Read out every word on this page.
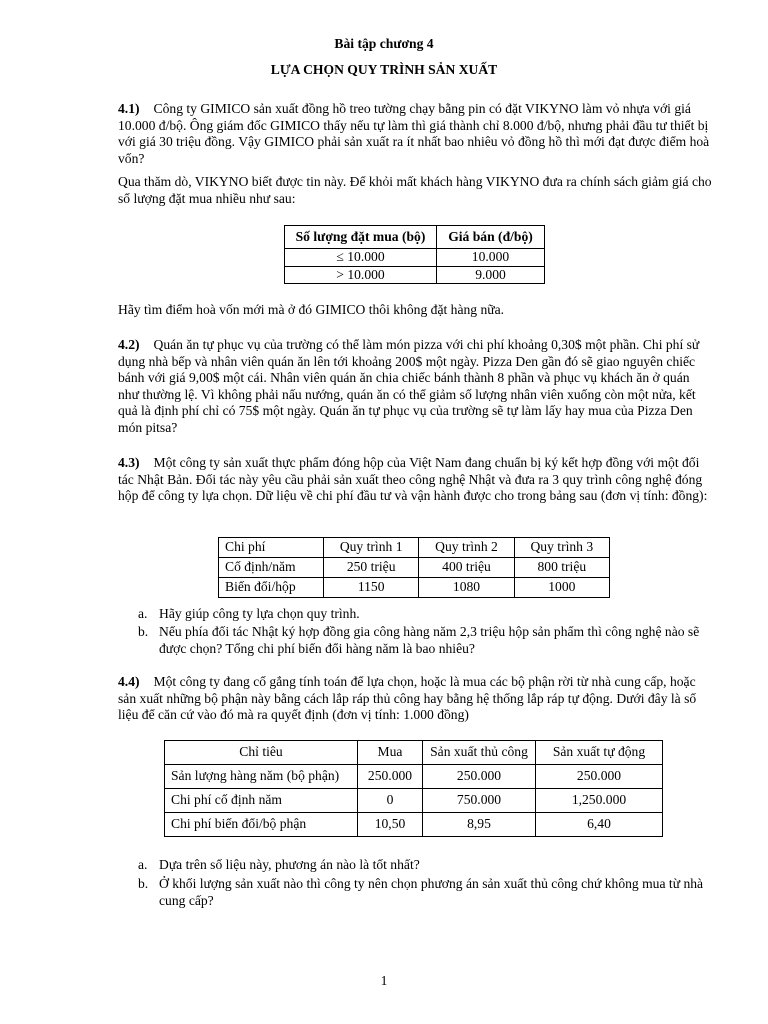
Bài tập chương 4
LỰA CHỌN QUY TRÌNH SẢN XUẤT

4.1) Công ty GIMICO sản xuất đồng hồ treo tường chạy bằng pin có đặt VIKYNO làm vỏ nhựa với giá 10.000 đ/bộ. Ông giám đốc GIMICO thấy nếu tự làm thì giá thành chỉ 8.000 đ/bộ, nhưng phải đầu tư thiết bị với giá 30 triệu đồng. Vậy GIMICO phải sản xuất ra ít nhất bao nhiêu vỏ đồng hồ thì mới đạt được điểm hoà vốn?

Qua thăm dò, VIKYNO biết được tin này. Để khỏi mất khách hàng VIKYNO đưa ra chính sách giảm giá cho số lượng đặt mua nhiều như sau:

Số lượng đặt mua (bộ)	Giá bán (đ/bộ)
≤ 10.000	10.000
> 10.000	9.000

Hãy tìm điểm hoà vốn mới mà ở đó GIMICO thôi không đặt hàng nữa.

4.2) Quán ăn tự phục vụ của trường có thể làm món pizza với chi phí khoảng 0,30$ một phần. Chi phí sử dụng nhà bếp và nhân viên quán ăn lên tới khoảng 200$ một ngày. Pizza Den gần đó sẽ giao nguyên chiếc bánh với giá 9,00$ một cái. Nhân viên quán ăn chia chiếc bánh thành 8 phần và phục vụ khách ăn ở quán như thường lệ. Vì không phải nấu nướng, quán ăn có thể giảm số lượng nhân viên xuống còn một nửa, kết quả là định phí chỉ có 75$ một ngày. Quán ăn tự phục vụ của trường sẽ tự làm lấy hay mua của Pizza Den món pitsa?

4.3) Một công ty sản xuất thực phẩm đóng hộp của Việt Nam đang chuẩn bị ký kết hợp đồng với một đối tác Nhật Bản. Đối tác này yêu cầu phải sản xuất theo công nghệ Nhật và đưa ra 3 quy trình công nghệ đóng hộp để công ty lựa chọn. Dữ liệu về chi phí đầu tư và vận hành được cho trong bảng sau (đơn vị tính: đồng):

Chi phí	Quy trình 1	Quy trình 2	Quy trình 3
Cố định/năm	250 triệu	400 triệu	800 triệu
Biến đổi/hộp	1150	1080	1000
a. Hãy giúp công ty lựa chọn quy trình.
b. Nếu phía đối tác Nhật ký hợp đồng gia công hàng năm 2,3 triệu hộp sản phẩm thì công nghệ nào sẽ được chọn? Tổng chi phí biến đổi hàng năm là bao nhiêu?

4.4) Một công ty đang cố gắng tính toán để lựa chọn, hoặc là mua các bộ phận rời từ nhà cung cấp, hoặc sản xuất những bộ phận này bằng cách lắp ráp thủ công hay bằng hệ thống lắp ráp tự động. Dưới đây là số liệu để căn cứ vào đó mà ra quyết định (đơn vị tính: 1.000 đồng)

Chỉ tiêu	Mua	Sản xuất thủ công	Sản xuất tự động
Sản lượng hàng năm (bộ phận)	250.000	250.000	250.000
Chi phí cố định năm	0	750.000	1,250.000
Chi phí biến đổi/bộ phận	10,50	8,95	6,40
a. Dựa trên số liệu này, phương án nào là tốt nhất?
b. Ở khối lượng sản xuất nào thì công ty nên chọn phương án sản xuất thủ công chứ không mua từ nhà cung cấp?
1
